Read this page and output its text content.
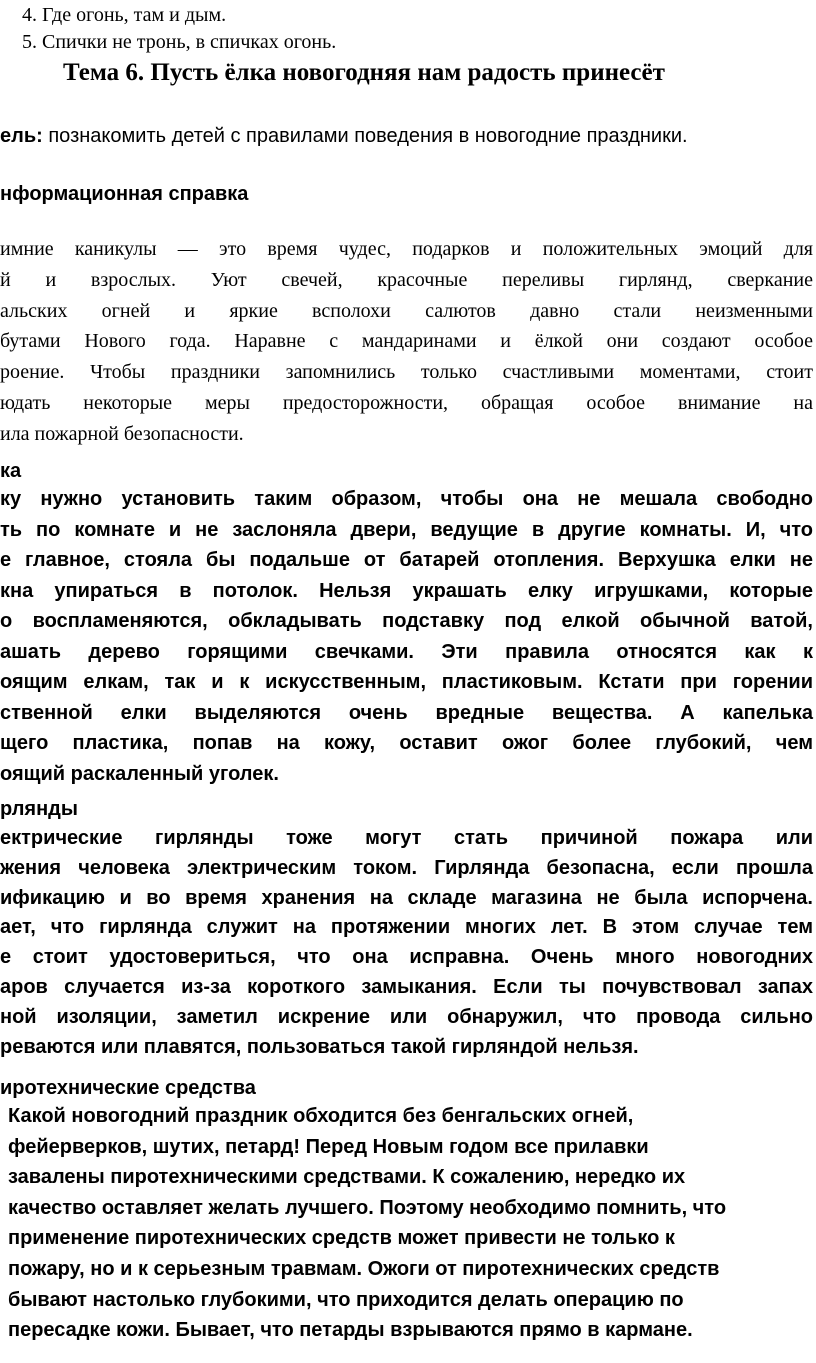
4. Где огонь, там и дым.
5. Спички не тронь, в спичках огонь.
Тема 6. Пусть ёлка новогодняя нам радость принесёт
ель: познакомить детей с правилами поведения в новогодние праздники.
нформационная справка
имние каникулы — это время чудес, подарков и положительных эмоций для
й и взрослых. Уют свечей, красочные переливы гирлянд, сверкание
альских огней и яркие всполохи салютов давно стали неизменными
бутами Нового года. Наравне с мандаринами и ёлкой они создают особое
роение. Чтобы праздники запомнились только счастливыми моментами, стоит
юдать некоторые меры предосторожности, обращая особое внимание на
ила пожарной безопасности.
ка
ку нужно установить таким образом, чтобы она не мешала свободно
ть по комнате и не заслоняла двери, ведущие в другие комнаты. И, что
е главное, стояла бы подальше от батарей отопления. Верхушка елки не
кна упираться в потолок. Нельзя украшать елку игрушками, которые
о воспламеняются, обкладывать подставку под елкой обычной ватой,
ашать дерево горящими свечками. Эти правила относятся как к
оящим елкам, так и к искусственным, пластиковым. Кстати при горении
ственной елки выделяются очень вредные вещества. А капелька
щего пластика, попав на кожу, оставит ожог более глубокий, чем
оящий раскаленный уголек.
рлянды
ектрические гирлянды тоже могут стать причиной пожара или
жения человека электрическим током. Гирлянда безопасна, если прошла
ификацию и во время хранения на складе магазина не была испорчена.
ает, что гирлянда служит на протяжении многих лет. В этом случае тем
е стоит удостовериться, что она исправна. Очень много новогодних
аров случается из-за короткого замыкания. Если ты почувствовал запах
ной изоляции, заметил искрение или обнаружил, что провода сильно
реваются или плавятся, пользоваться такой гирляндой нельзя.
иротехнические средства
Какой новогодний праздник обходится без бенгальских огней,
фейерверков, шутих, петард! Перед Новым годом все прилавки
завалены пиротехническими средствами. К сожалению, нередко их
качество оставляет желать лучшего. Поэтому необходимо помнить, что
применение пиротехнических средств может привести не только к
пожару, но и к серьезным травмам. Ожоги от пиротехнических средств
бывают настолько глубокими, что приходится делать операцию по
пересадке кожи. Бывает, что петарды взрываются прямо в кармане.
